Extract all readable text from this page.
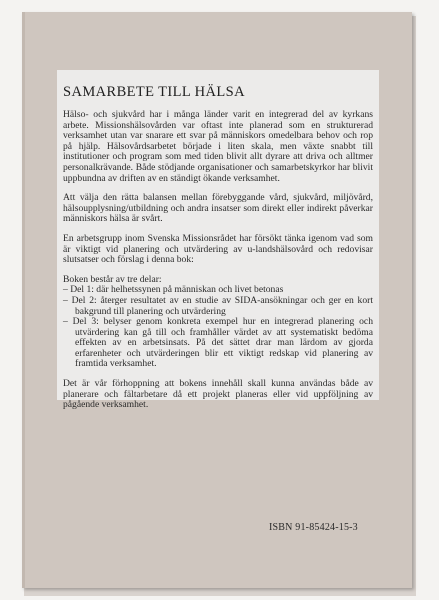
SAMARBETE TILL HÄLSA

Hälso- och sjukvård har i många länder varit en integrerad del av kyrkans arbete. Missionshälsovården var oftast inte planerad som en strukturerad verksamhet utan var snarare ett svar på människors omedelbara behov och rop på hjälp. Hälsovårdsarbetet började i liten skala, men växte snabbt till institutioner och program som med tiden blivit allt dyrare att driva och alltmer personalkrävande. Både stödjande organisationer och samarbetskyrkor har blivit uppbundna av driften av en ständigt ökande verksamhet.

Att välja den rätta balansen mellan förebyggande vård, sjukvård, miljövård, hälsoupplysning/utbildning och andra insatser som direkt eller indirekt påverkar människors hälsa är svårt.

En arbetsgrupp inom Svenska Missionsrådet har försökt tänka igenom vad som är viktigt vid planering och utvärdering av u-landshälsovård och redovisar slutsatser och förslag i denna bok:

Boken består av tre delar:

– Del 1: där helhetssynen på människan och livet betonas
– Del 2: återger resultatet av en studie av SIDA-ansökningar och ger en kort bakgrund till planering och utvärdering
– Del 3: belyser genom konkreta exempel hur en integrerad planering och utvärdering kan gå till och framhåller värdet av att systematiskt bedöma effekten av en arbetsinsats. På det sättet drar man lärdom av gjorda erfarenheter och utvärderingen blir ett viktigt redskap vid planering av framtida verksamhet.

Det är vår förhoppning att bokens innehåll skall kunna användas både av planerare och fältarbetare då ett projekt planeras eller vid uppföljning av pågående verksamhet.

ISBN 91-85424-15-3
